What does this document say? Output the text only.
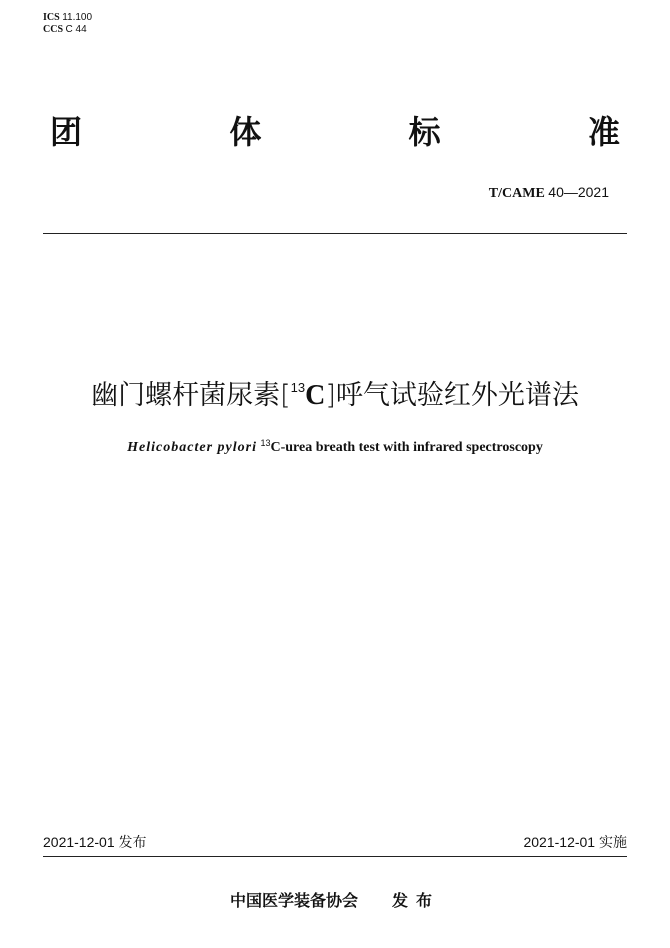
ICS 11.100
CCS C 44
团	体	标	准
T/CAME 40—2021
幽门螺杆菌尿素[$^{13}$C]呼气试验红外光谱法
Helicobacter pylori $^{13}$C-urea breath test with infrared spectroscopy
2021-12-01 发布	2021-12-01 实施
中国医学装备协会 发布
